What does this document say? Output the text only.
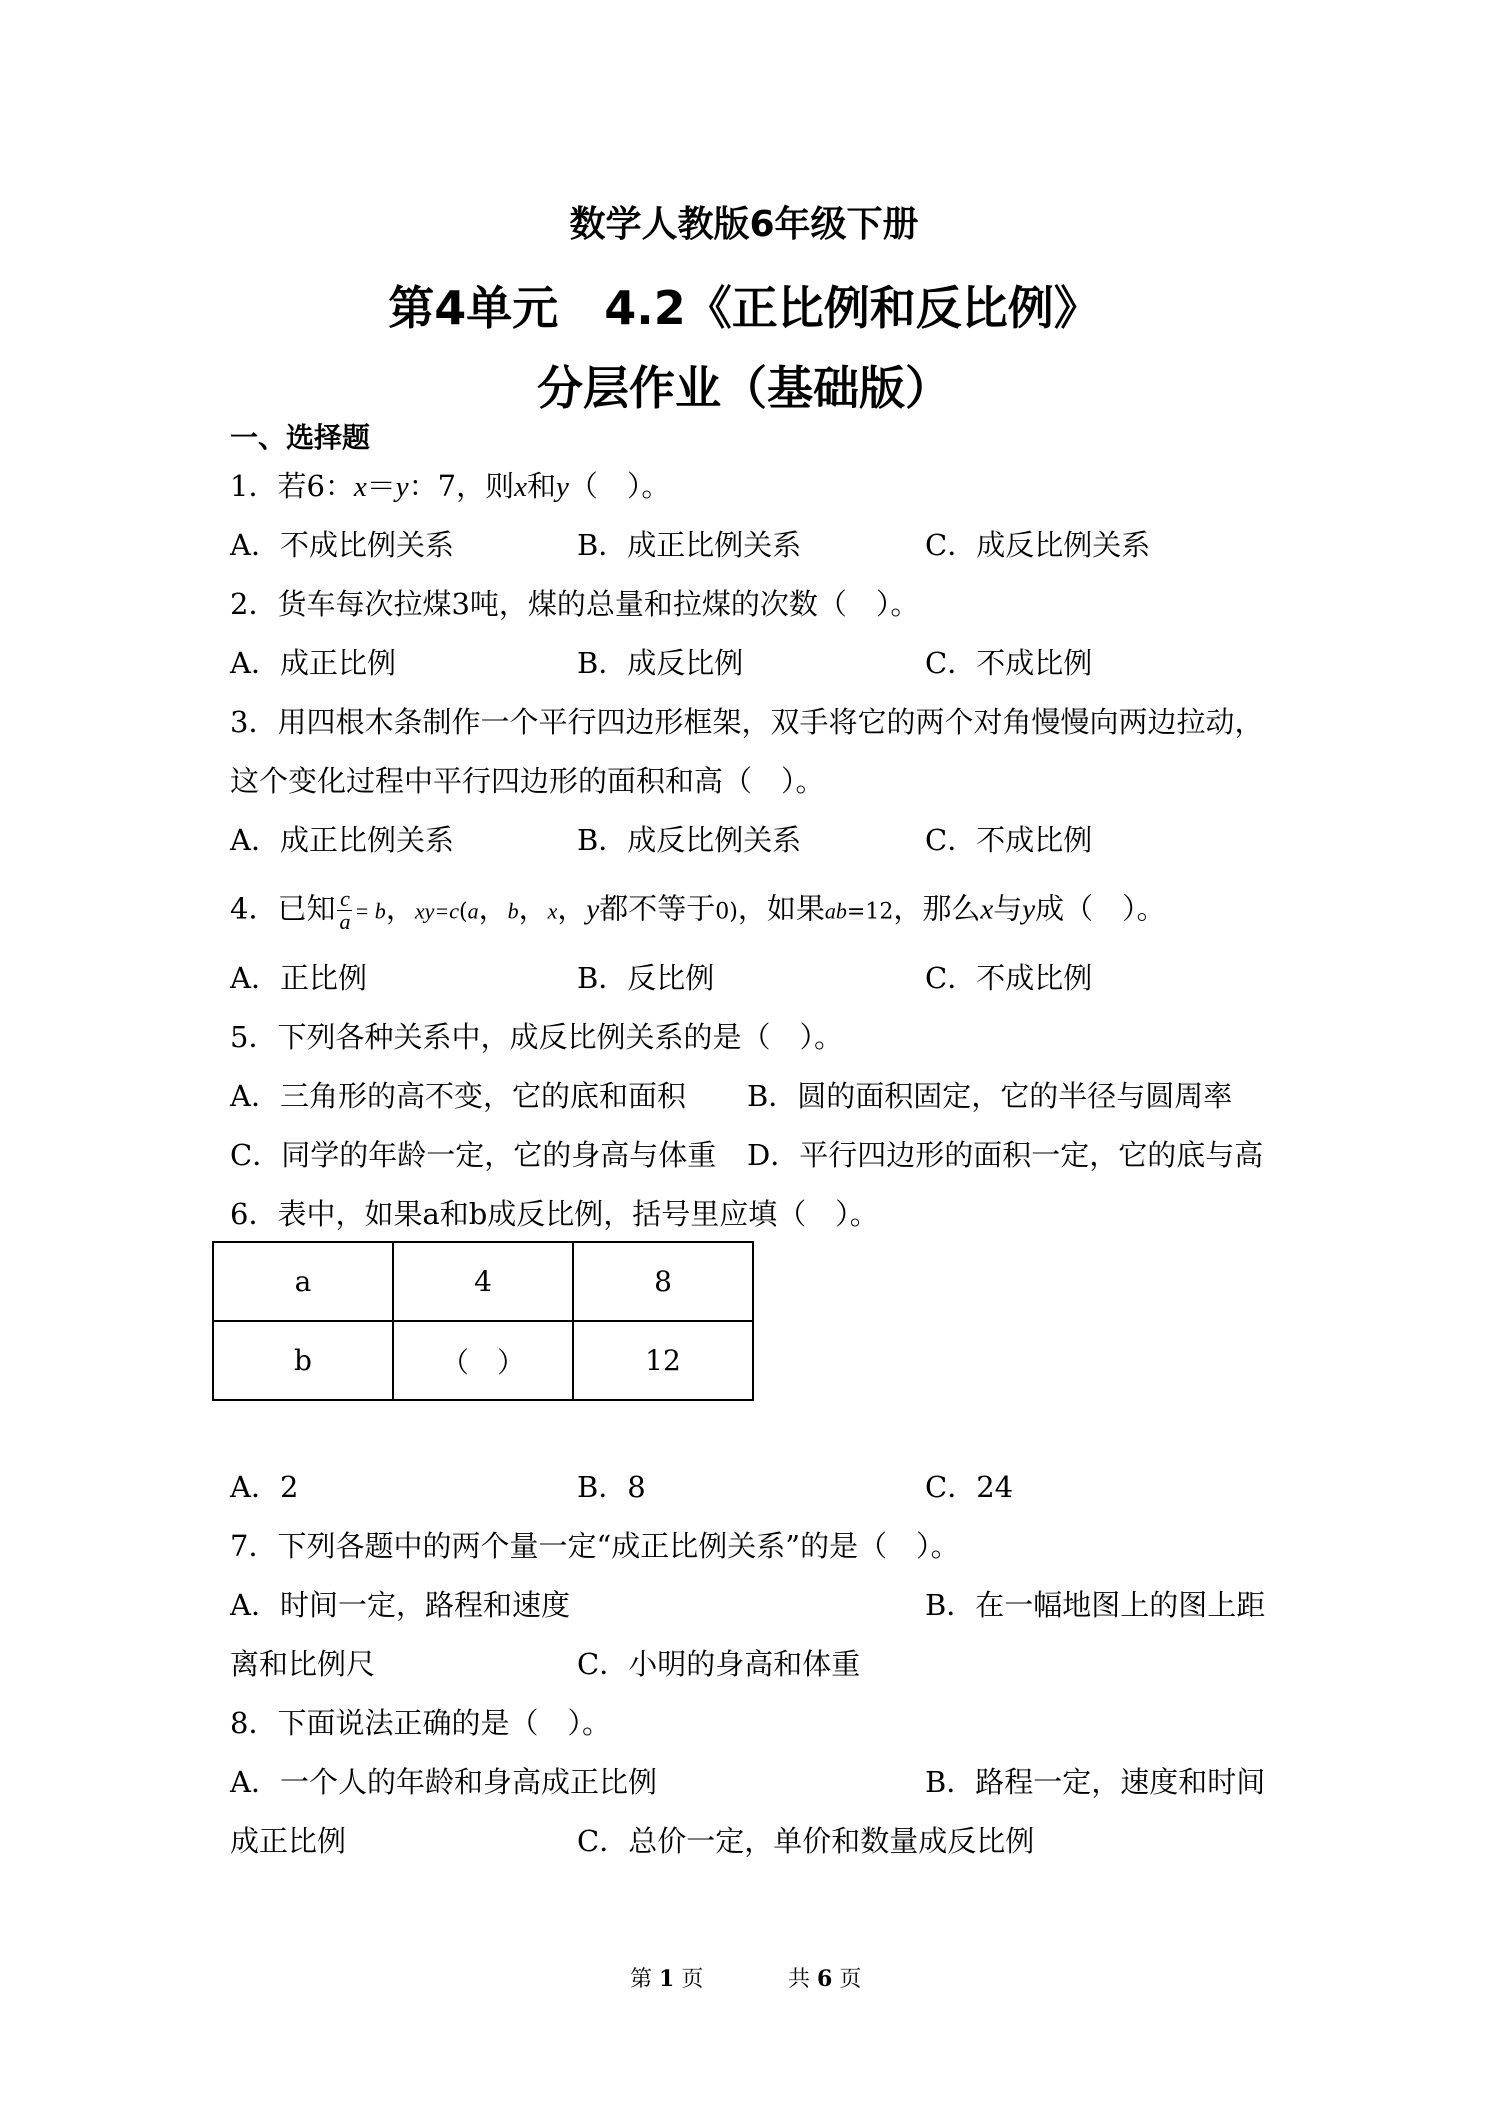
数学人教版6年级下册
第4单元　4.2《正比例和反比例》
分层作业（基础版）
一、选择题
1．若6：x＝y：7，则x和y（　）。
A．不成比例关系	B．成正比例关系	C．成反比例关系
2．货车每次拉煤3吨，煤的总量和拉煤的次数（　）。
A．成正比例	B．成反比例	C．不成比例
3．用四根木条制作一个平行四边形框架，双手将它的两个对角慢慢向两边拉动，
这个变化过程中平行四边形的面积和高（　）。
A．成正比例关系	B．成反比例关系	C．不成比例
4．已知 $\frac{c}{a} = b$，xy=c(a，b，x，y都不等于0)，如果ab=12，那么x与y成（　）。
A．正比例	B．反比例	C．不成比例
5．下列各种关系中，成反比例关系的是（　）。
A．三角形的高不变，它的底和面积 B．圆的面积固定，它的半径与圆周率
C．同学的年龄一定，它的身高与体重 D．平行四边形的面积一定，它的底与高
6．表中，如果a和b成反比例，括号里应填（　）。
a	4	8
b	（　）	12
A．2	B．8	C．24
7．下列各题中的两个量一定“成正比例关系”的是（　）。
A．时间一定，路程和速度	B．在一幅地图上的图上距
离和比例尺	C．小明的身高和体重
8．下面说法正确的是（　）。
A．一个人的年龄和身高成正比例	B．路程一定，速度和时间
成正比例	C．总价一定，单价和数量成反比例
第 1 页	共 6 页
